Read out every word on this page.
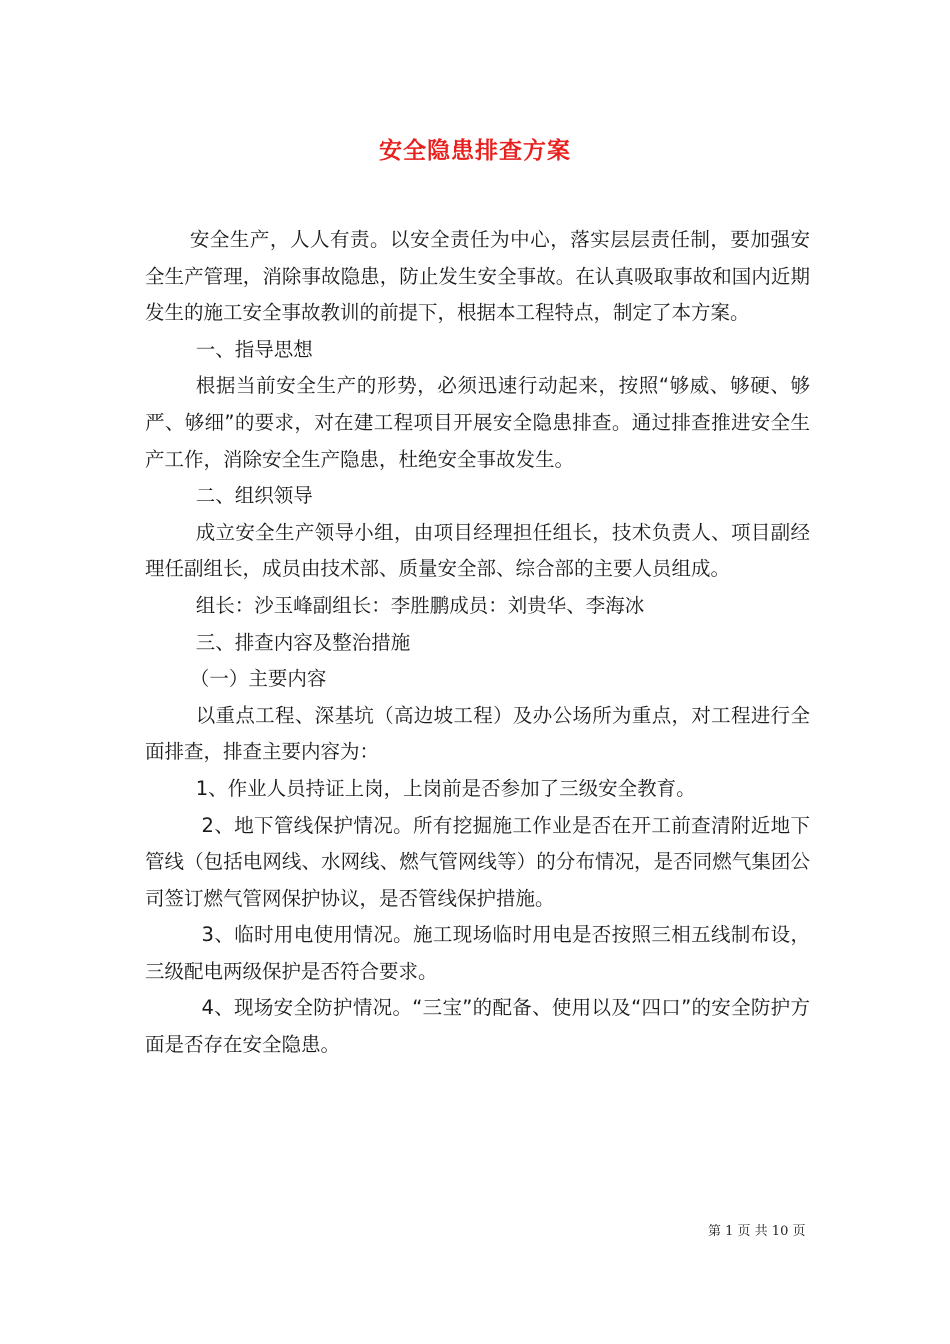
安全隐患排查方案

安全生产，人人有责。以安全责任为中心，落实层层责任制，要加强安全生产管理，消除事故隐患，防止发生安全事故。在认真吸取事故和国内近期发生的施工安全事故教训的前提下，根据本工程特点，制定了本方案。

一、指导思想

根据当前安全生产的形势，必须迅速行动起来，按照“够威、够硬、够严、够细”的要求，对在建工程项目开展安全隐患排查。通过排查推进安全生产工作，消除安全生产隐患，杜绝安全事故发生。

二、组织领导

成立安全生产领导小组，由项目经理担任组长，技术负责人、项目副经理任副组长，成员由技术部、质量安全部、综合部的主要人员组成。

组长：沙玉峰副组长：李胜鹏成员：刘贵华、李海冰

三、排查内容及整治措施

（一）主要内容

以重点工程、深基坑（高边坡工程）及办公场所为重点，对工程进行全面排查，排查主要内容为：

1、作业人员持证上岗，上岗前是否参加了三级安全教育。

2、地下管线保护情况。所有挖掘施工作业是否在开工前查清附近地下管线（包括电网线、水网线、燃气管网线等）的分布情况，是否同燃气集团公司签订燃气管网保护协议，是否管线保护措施。

3、临时用电使用情况。施工现场临时用电是否按照三相五线制布设，三级配电两级保护是否符合要求。

4、现场安全防护情况。“三宝”的配备、使用以及“四口”的安全防护方面是否存在安全隐患。

第 1 页 共 10 页
